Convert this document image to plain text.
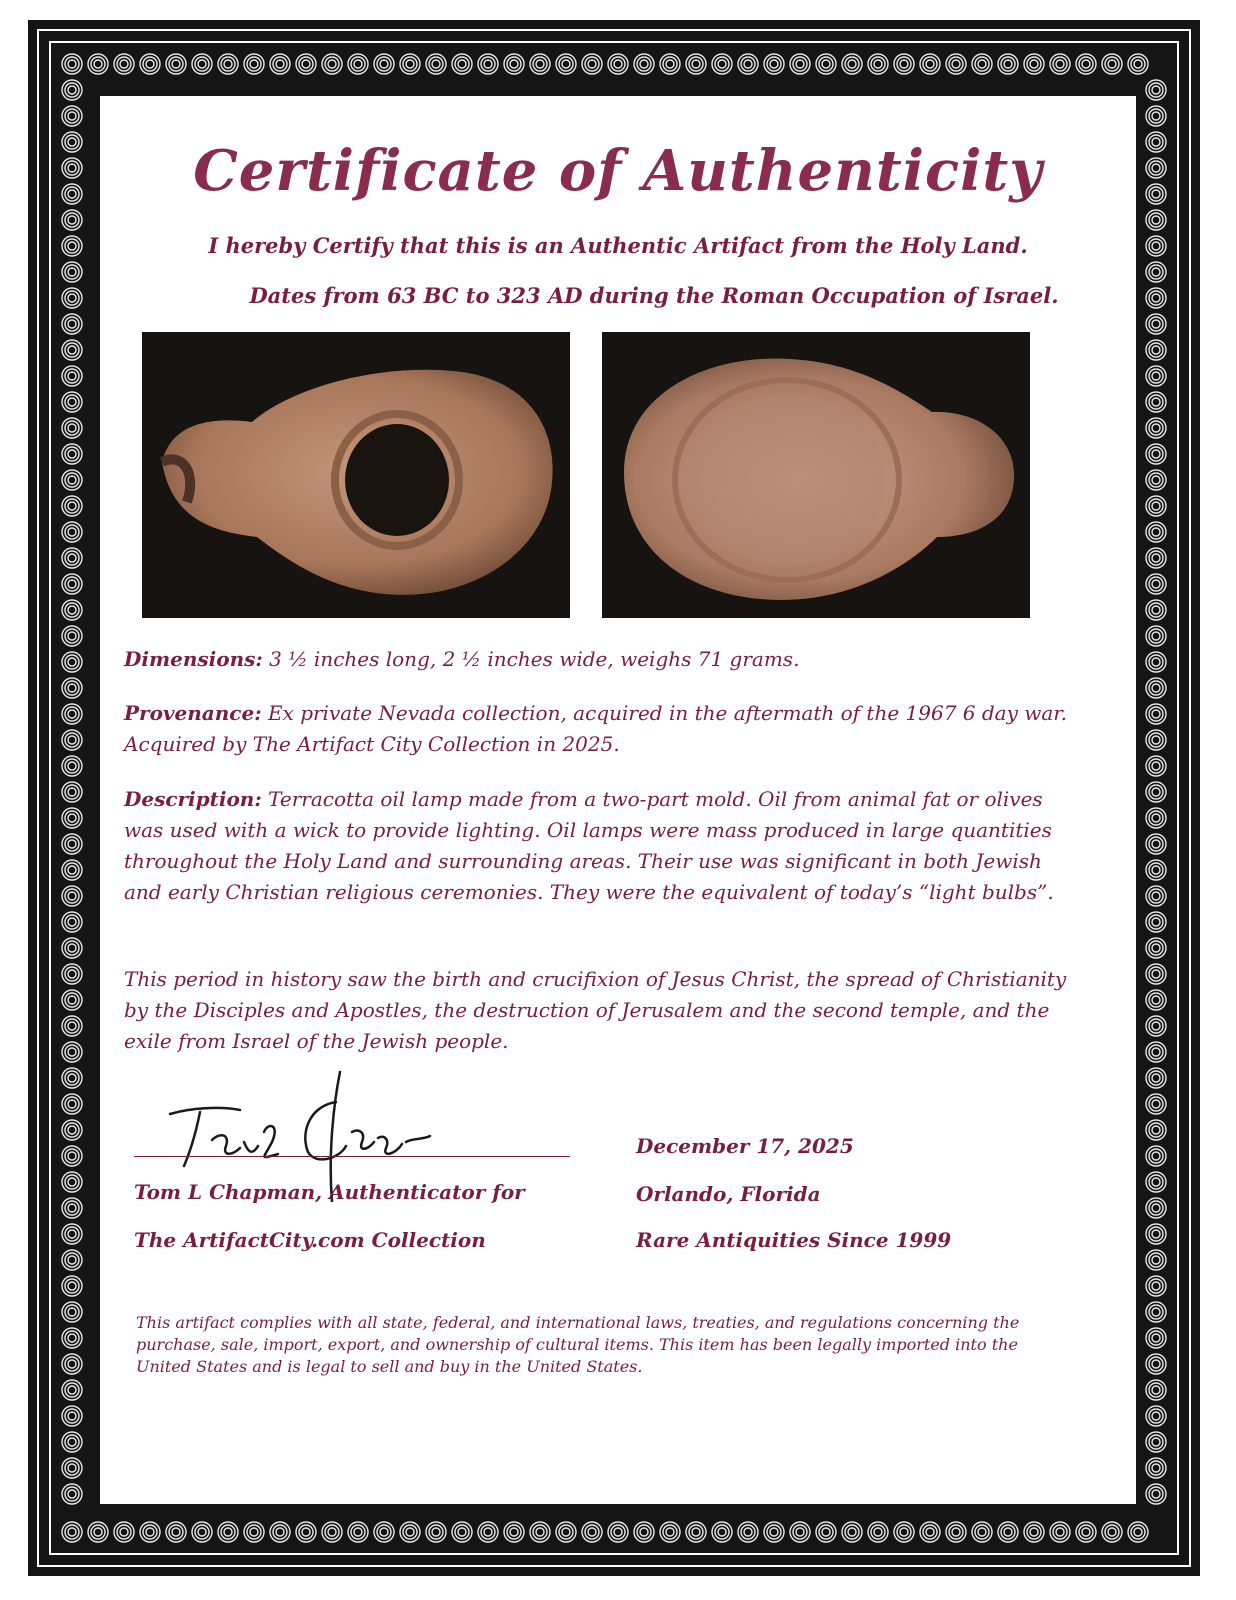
Certificate of Authenticity
I hereby Certify that this is an Authentic Artifact from the Holy Land.
Dates from 63 BC to 323 AD during the Roman Occupation of Israel.
Dimensions: 3 ½ inches long, 2 ½ inches wide, weighs 71 grams.
Provenance: Ex private Nevada collection, acquired in the aftermath of the 1967 6 day war. Acquired by The Artifact City Collection in 2025.
Description: Terracotta oil lamp made from a two-part mold. Oil from animal fat or olives was used with a wick to provide lighting. Oil lamps were mass produced in large quantities throughout the Holy Land and surrounding areas. Their use was significant in both Jewish and early Christian religious ceremonies. They were the equivalent of today’s “light bulbs”.
This period in history saw the birth and crucifixion of Jesus Christ, the spread of Christianity by the Disciples and Apostles, the destruction of Jerusalem and the second temple, and the exile from Israel of the Jewish people.
Tom L Chapman, Authenticator for
The ArtifactCity.com Collection
December 17, 2025
Orlando, Florida
Rare Antiquities Since 1999
This artifact complies with all state, federal, and international laws, treaties, and regulations concerning the purchase, sale, import, export, and ownership of cultural items. This item has been legally imported into the United States and is legal to sell and buy in the United States.
